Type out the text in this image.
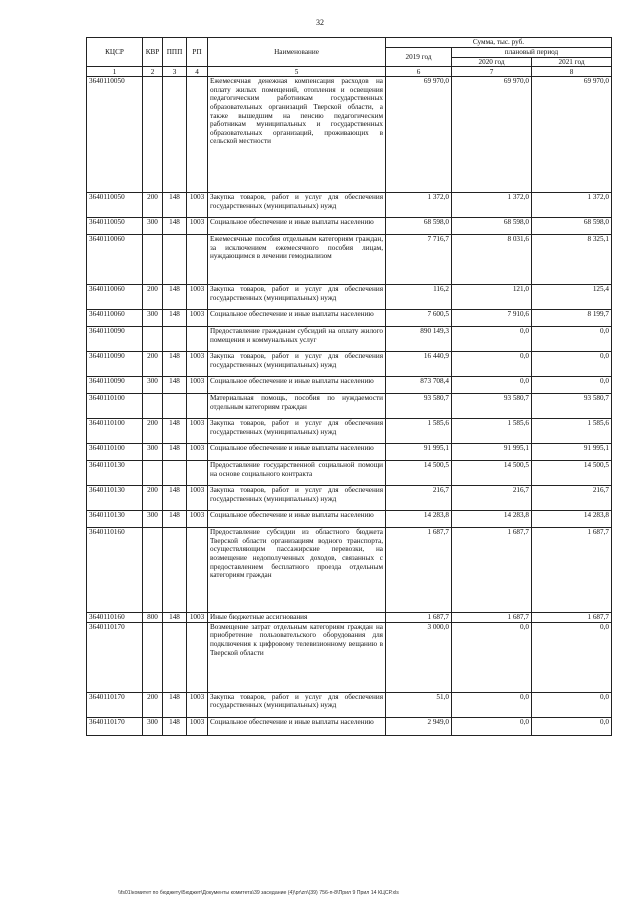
32
КЦСР	КВР	ППП	РП	Наименование	Сумма, тыс. руб.		
					2019 год	плановый период	
						2020 год	2021 год
1	2	3	4	5	6	7	8
3640110050				Ежемесячная денежная компенсация расходов на оплату жилых помещений, отопления и освещения педагогическим работникам государственных образовательных организаций Тверской области, а также вышедшим на пенсию педагогическим работникам муниципальных и государственных образовательных организаций, проживающих в сельской местности	69 970,0	69 970,0	69 970,0
3640110050	200	148	1003	Закупка товаров, работ и услуг для обеспечения государственных (муниципальных) нужд	1 372,0	1 372,0	1 372,0
3640110050	300	148	1003	Социальное обеспечение и иные выплаты населению	68 598,0	68 598,0	68 598,0
3640110060				Ежемесячные пособия отдельным категориям граждан, за исключением ежемесячного пособия лицам, нуждающимся в лечении гемодиализом	7 716,7	8 031,6	8 325,1
3640110060	200	148	1003	Закупка товаров, работ и услуг для обеспечения государственных (муниципальных) нужд	116,2	121,0	125,4
3640110060	300	148	1003	Социальное обеспечение и иные выплаты населению	7 600,5	7 910,6	8 199,7
3640110090				Предоставление гражданам субсидий на оплату жилого помещения и коммунальных услуг	890 149,3	0,0	0,0
3640110090	200	148	1003	Закупка товаров, работ и услуг для обеспечения государственных (муниципальных) нужд	16 440,9	0,0	0,0
3640110090	300	148	1003	Социальное обеспечение и иные выплаты населению	873 708,4	0,0	0,0
3640110100				Материальная помощь, пособия по нуждаемости отдельным категориям граждан	93 580,7	93 580,7	93 580,7
3640110100	200	148	1003	Закупка товаров, работ и услуг для обеспечения государственных (муниципальных) нужд	1 585,6	1 585,6	1 585,6
3640110100	300	148	1003	Социальное обеспечение и иные выплаты населению	91 995,1	91 995,1	91 995,1
3640110130				Предоставление государственной социальной помощи на основе социального контракта	14 500,5	14 500,5	14 500,5
3640110130	200	148	1003	Закупка товаров, работ и услуг для обеспечения государственных (муниципальных) нужд	216,7	216,7	216,7
3640110130	300	148	1003	Социальное обеспечение и иные выплаты населению	14 283,8	14 283,8	14 283,8
3640110160				Предоставление субсидии из областного бюджета Тверской области организациям водного транспорта, осуществляющим пассажирские перевозки, на возмещение недополученных доходов, связанных с предоставлением бесплатного проезда отдельным категориям граждан	1 687,7	1 687,7	1 687,7
3640110160	800	148	1003	Иные бюджетные ассигнования	1 687,7	1 687,7	1 687,7
3640110170				Возмещение затрат отдельным категориям граждан на приобретение пользовательского оборудования для подключения к цифровому телевизионному вещанию в Тверской области	3 000,0	0,0	0,0
3640110170	200	148	1003	Закупка товаров, работ и услуг для обеспечения государственных (муниципальных) нужд	51,0	0,0	0,0
3640110170	300	148	1003	Социальное обеспечение и иные выплаты населению	2 949,0	0,0	0,0
\\fs01\комитет по бюджету\Бюджет\Документы комитета\39 заседание (4)\pr\zn\(39) 756-п-8\Прил 9 Прил 14 КЦСР.xls
